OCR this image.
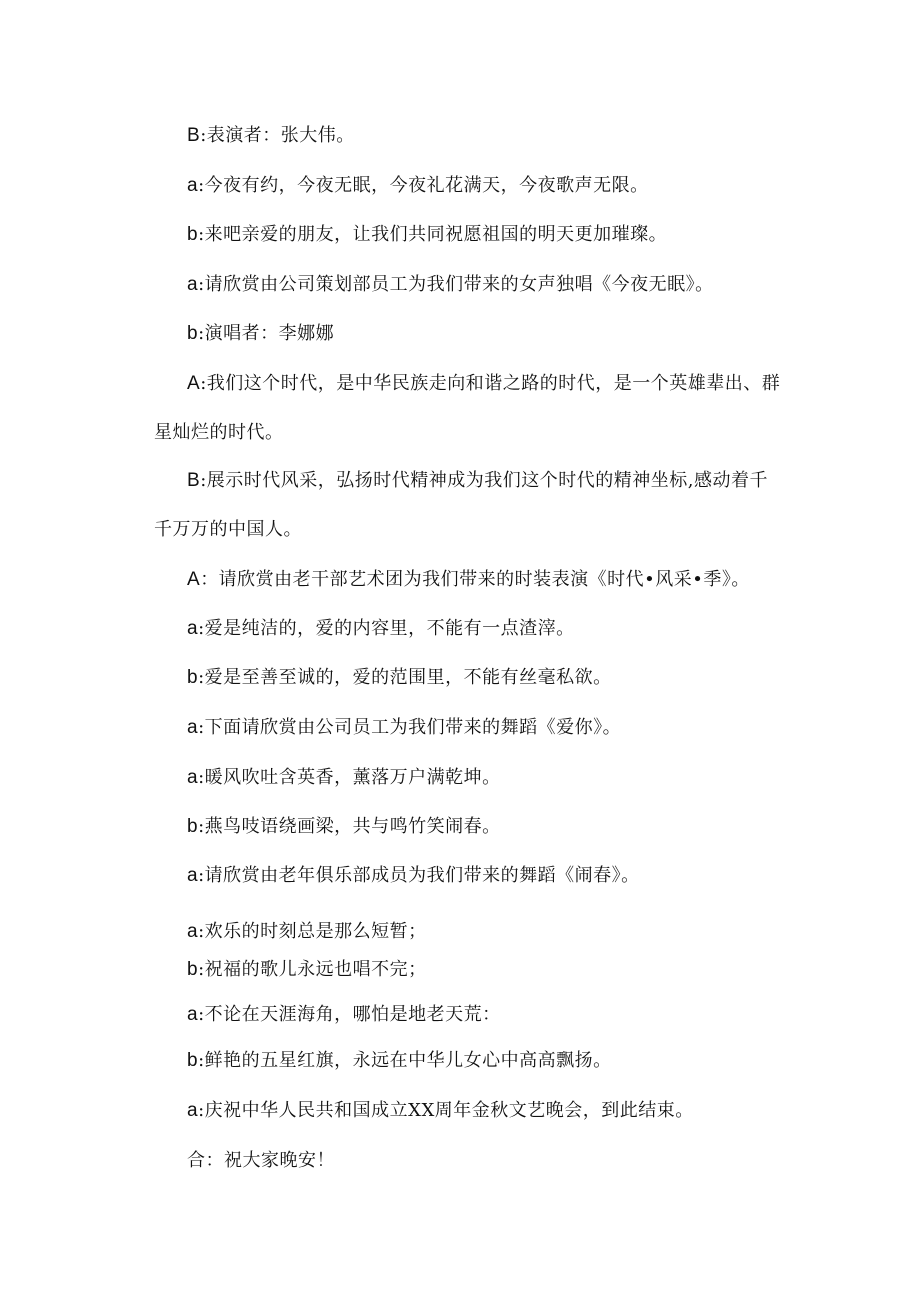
B:表演者：张大伟。
a:今夜有约，今夜无眠，今夜礼花满天，今夜歌声无限。
b:来吧亲爱的朋友，让我们共同祝愿祖国的明天更加璀璨。
a:请欣赏由公司策划部员工为我们带来的女声独唱《今夜无眠》。
b:演唱者：李娜娜
A:我们这个时代，是中华民族走向和谐之路的时代，是一个英雄辈出、群
星灿烂的时代。
B:展示时代风采，弘扬时代精神成为我们这个时代的精神坐标,感动着千
千万万的中国人。
A：请欣赏由老干部艺术团为我们带来的时装表演《时代•风采•季》。
a:爱是纯洁的，爱的内容里，不能有一点渣滓。
b:爱是至善至诚的，爱的范围里，不能有丝毫私欲。
a:下面请欣赏由公司员工为我们带来的舞蹈《爱你》。
a:暖风吹吐含英香，薰落万户满乾坤。
b:燕鸟吱语绕画梁，共与鸣竹笑闹春。
a:请欣赏由老年俱乐部成员为我们带来的舞蹈《闹春》。
a:欢乐的时刻总是那么短暂；
b:祝福的歌儿永远也唱不完；
a:不论在天涯海角，哪怕是地老天荒：
b:鲜艳的五星红旗，永远在中华儿女心中高高飘扬。
a:庆祝中华人民共和国成立XX周年金秋文艺晚会，到此结束。
合：祝大家晚安！
